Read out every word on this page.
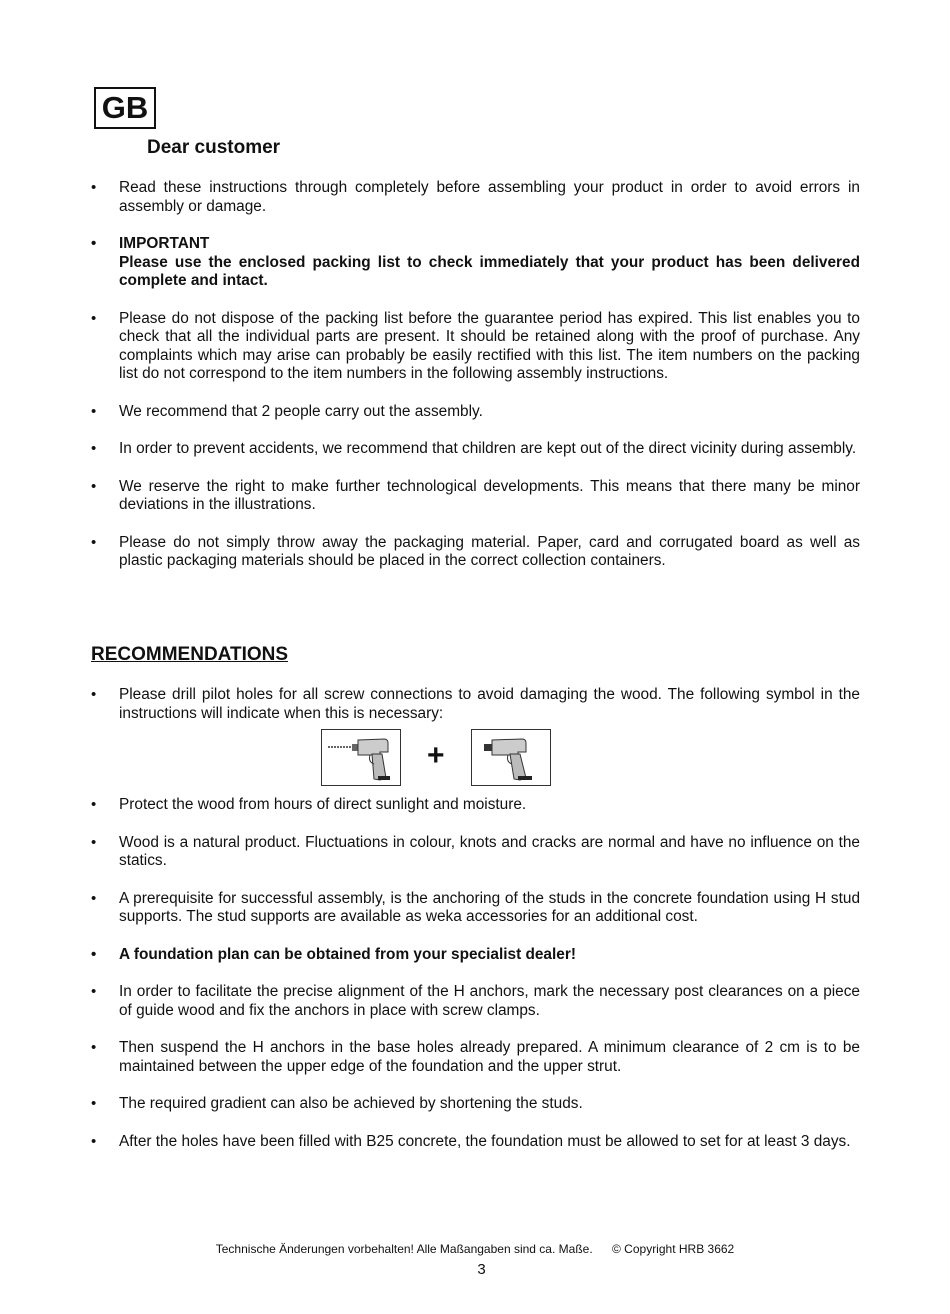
GB
Dear customer
• Read these instructions through completely before assembling your product in order to avoid errors in assembly or damage.
• IMPORTANT
Please use the enclosed packing list to check immediately that your product has been delivered complete and intact.
• Please do not dispose of the packing list before the guarantee period has expired. This list enables you to check that all the individual parts are present. It should be retained along with the proof of purchase. Any complaints which may arise can probably be easily rectified with this list. The item numbers on the packing list do not correspond to the item numbers in the following assembly instructions.
• We recommend that 2 people carry out the assembly.
• In order to prevent accidents, we recommend that children are kept out of the direct vicinity during assembly.
• We reserve the right to make further technological developments. This means that there many be minor deviations in the illustrations.
• Please do not simply throw away the packaging material. Paper, card and corrugated board as well as plastic packaging materials should be placed in the correct collection containers.
RECOMMENDATIONS
• Please drill pilot holes for all screw connections to avoid damaging the wood. The following symbol in the instructions will indicate when this is necessary:
+
• Protect the wood from hours of direct sunlight and moisture.
• Wood is a natural product. Fluctuations in colour, knots and cracks are normal and have no influence on the statics.
• A prerequisite for successful assembly, is the anchoring of the studs in the concrete foundation using H stud supports. The stud supports are available as weka accessories for an additional cost.
• A foundation plan can be obtained from your specialist dealer!
• In order to facilitate the precise alignment of the H anchors, mark the necessary post clearances on a piece of guide wood and fix the anchors in place with screw clamps.
• Then suspend the H anchors in the base holes already prepared. A minimum clearance of 2 cm is to be maintained between the upper edge of the foundation and the upper strut.
• The required gradient can also be achieved by shortening the studs.
• After the holes have been filled with B25 concrete, the foundation must be allowed to set for at least 3 days.
Technische Änderungen vorbehalten! Alle Maßangaben sind ca. Maße. © Copyright HRB 3662
3
